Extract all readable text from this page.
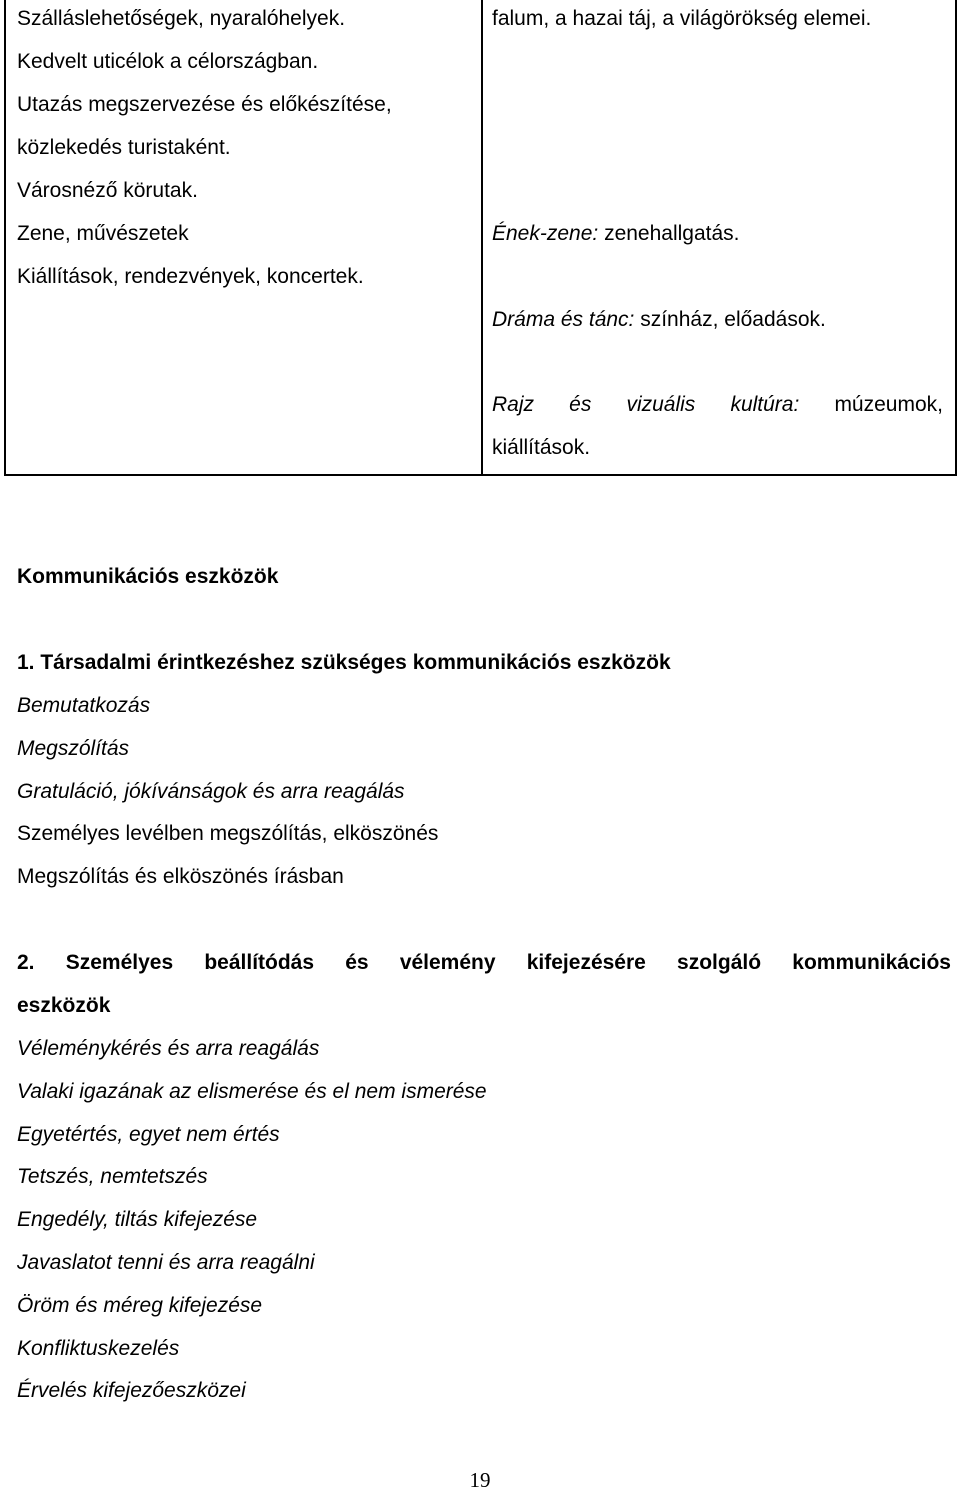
Szálláslehetőségek, nyaralóhelyek.
Kedvelt uticélok a célországban.
Utazás megszervezése és előkészítése,
közlekedés turistaként.
Városnéző körutak.
Zene, művészetek
Kiállítások, rendezvények, koncertek.
falum, a hazai táj, a világörökség elemei.
Ének-zene: zenehallgatás.
Dráma és tánc: színház, előadások.
Rajz és vizuális kultúra: múzeumok,
kiállítások.
Kommunikációs eszközök
1. Társadalmi érintkezéshez szükséges kommunikációs eszközök
Bemutatkozás
Megszólítás
Gratuláció, jókívánságok és arra reagálás
Személyes levélben megszólítás, elköszönés
Megszólítás és elköszönés írásban
2. Személyes beállítódás és vélemény kifejezésére szolgáló kommunikációs
eszközök
Véleménykérés és arra reagálás
Valaki igazának az elismerése és el nem ismerése
Egyetértés, egyet nem értés
Tetszés, nemtetszés
Engedély, tiltás kifejezése
Javaslatot tenni és arra reagálni
Öröm és méreg kifejezése
Konfliktuskezelés
Érvelés kifejezőeszközei
19
